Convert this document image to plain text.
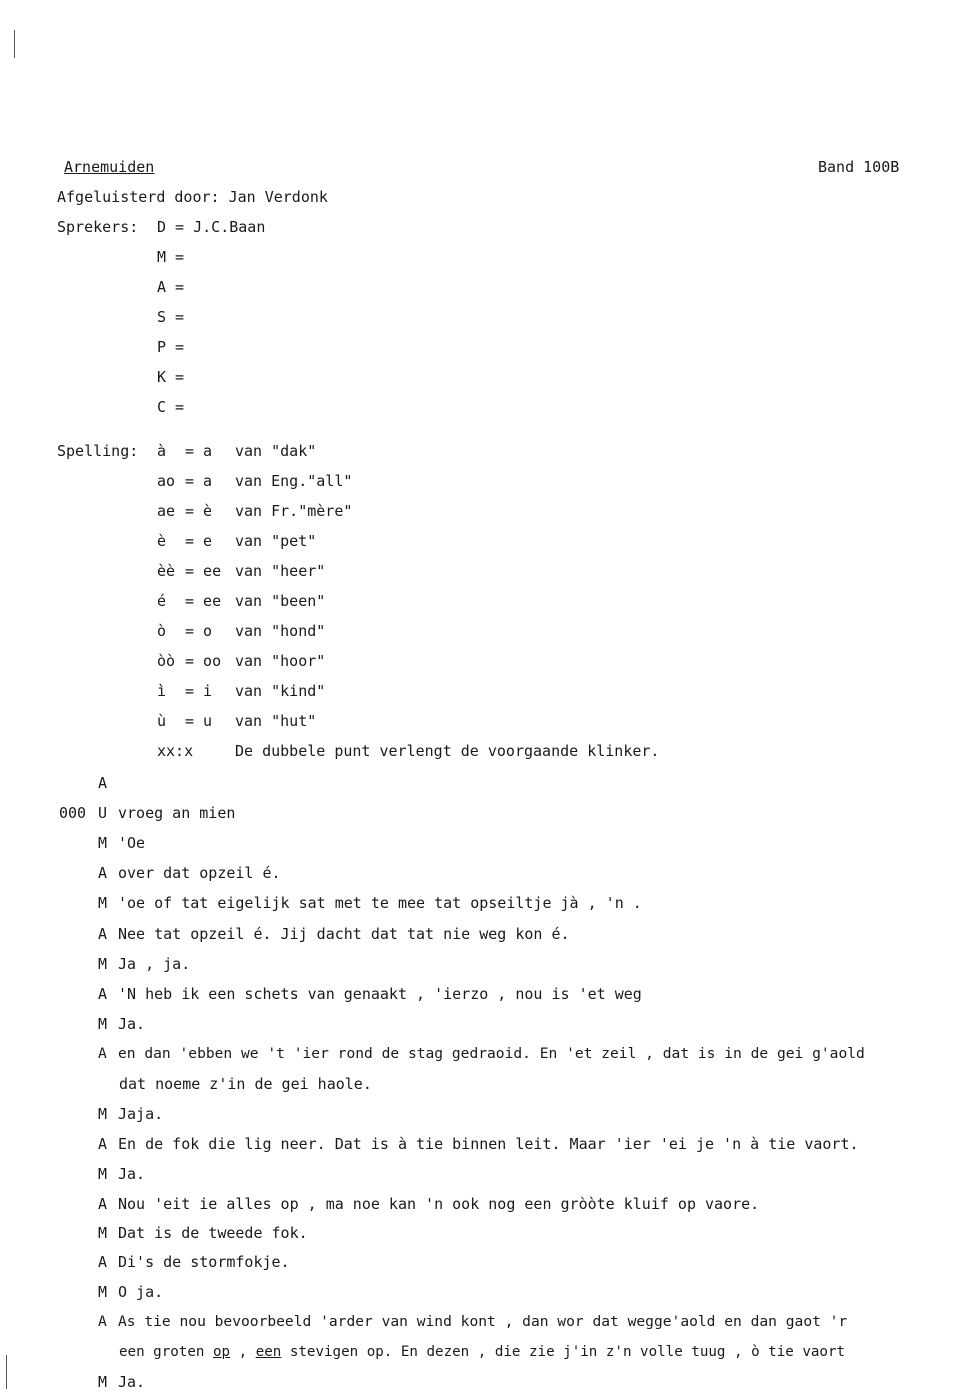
Arnemuiden	Band 100B
Afgeluisterd door: Jan Verdonk
Sprekers: D = J.C.Baan
M =
A =
S =
P =
K =
C =
Spelling: à = a van "dak"
ao = a van Eng."all"
ae = è van Fr."mère"
è = e van "pet"
èè = ee van "heer"
é = ee van "been"
ò = o van "hond"
òò = oo van "hoor"
ì = i van "kind"
ù = u van "hut"
xx:x	De dubbele punt verlengt de voorgaande klinker.
A
000 U vroeg an mien
M 'Oe
A over dat opzeil é.
M 'oe of tat eigelijk sat met te mee tat opseiltje jà , 'n .
A Nee tat opzeil é. Jij dacht dat tat nie weg kon é.
M Ja , ja.
A 'N heb ik een schets van genaakt , 'ierzo , nou is 'et weg
M Ja.
A en dan 'ebben we 't 'ier rond de stag gedraoid. En 'et zeil , dat is in de gei g'aold
dat noeme z'in de gei haole.
M Jaja.
A En de fok die lig neer. Dat is à tie binnen leit. Maar 'ier 'ei je 'n à tie vaort.
M Ja.
A Nou 'eit ie alles op , ma noe kan 'n ook nog een gròòte kluif op vaore.
M Dat is de tweede fok.
A Di's de stormfokje.
M O ja.
A As tie nou bevoorbeeld 'arder van wind kont , dan wor dat wegge'aold en dan gaot 'r
een groten op , een stevigen op. En dezen , die zie j'in z'n volle tuug , ò tie vaort
M Ja.
